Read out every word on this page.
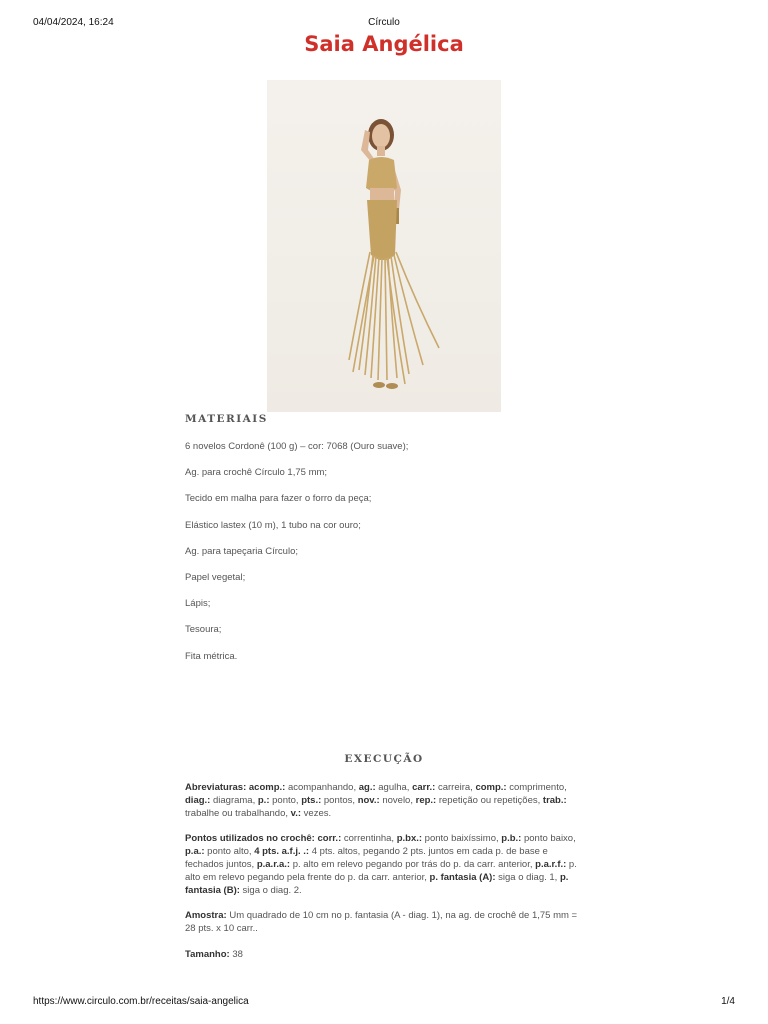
04/04/2024, 16:24	Círculo
Saia Angélica
MATERIAIS
6 novelos Cordonê (100 g) – cor: 7068 (Ouro suave);
Ag. para crochê Círculo 1,75 mm;
Tecido em malha para fazer o forro da peça;
Elástico lastex (10 m), 1 tubo na cor ouro;
Ag. para tapeçaria Círculo;
Papel vegetal;
Lápis;
Tesoura;
Fita métrica.
EXECUÇÃO

Abreviaturas: acomp.: acompanhando, ag.: agulha, carr.: carreira, comp.: comprimento, diag.: diagrama, p.: ponto, pts.: pontos, nov.: novelo, rep.: repetição ou repetições, trab.: trabalhe ou trabalhando, v.: vezes.

Pontos utilizados no crochê: corr.: correntinha, p.bx.: ponto baixíssimo, p.b.: ponto baixo, p.a.: ponto alto, 4 pts. a.f.j. .: 4 pts. altos, pegando 2 pts. juntos em cada p. de base e fechados juntos, p.a.r.a.: p. alto em relevo pegando por trás do p. da carr. anterior, p.a.r.f.: p. alto em relevo pegando pela frente do p. da carr. anterior, p. fantasia (A): siga o diag. 1, p. fantasia (B): siga o diag. 2.

Amostra: Um quadrado de 10 cm no p. fantasia (A - diag. 1), na ag. de crochê de 1,75 mm = 28 pts. x 10 carr..

Tamanho: 38

https://www.circulo.com.br/receitas/saia-angelica	1/4
